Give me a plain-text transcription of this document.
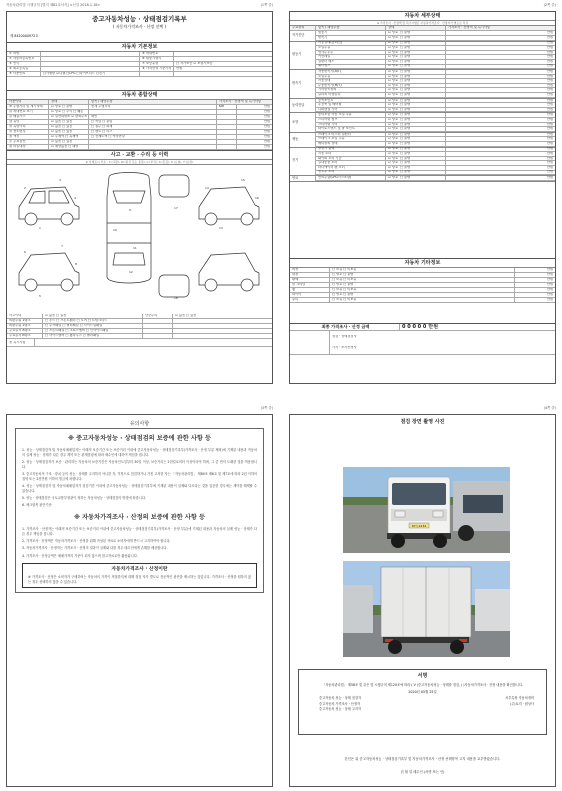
자동차관리법 시행규칙 [별지 제82호서식] <신설 2018.1.18>	(1쪽 중)
중고자동차성능 · 상태점검기록부
( 자동차가격조사 · 산정 선택 )
제 8420000972호
자동차 기본정보
① 차명	⑤ 차대번호
② 자동차등록번호	⑥ 원동기형식
③ 연식	⑦ 보증유형	□ 자가보증 ☑ 보험사보증
④ 최초등록일	⑧ 가격산정 기준가격	만원
⑨ 사용연료	□가솔린 ☑디젤 □LPG □하이브리드 □전기
자동차 종합상태
사용이력	상태	항목 / 해당부품	가격조사 · 산정액 및 특기사항
⑩ 주행거리 및 계기상태	☑ 양호 □ 불량	현재 주행거리	Km	만원
⑪ 차대번호 표기	☑ 양호 □ 부식 □ 훼손	만원
⑫ 배출가스	☑ 일산화탄소 ☑ 탄화수소	매연	만원
⑬ 튜닝	☑ 없음 □ 있음	□ 적법 □ 불법	만원
⑭ 특별이력	☑ 없음 □ 있음	□ 침수 □ 화재	만원
⑮ 용도변경	☑ 없음 □ 있음	□ 렌트 □ 리스	만원
⑯ 색상	☑ 무채색 □ 유채색	□ 전체도색 □ 색상변경	만원
⑰ 주요옵션	☑ 없음 □ 있음	만원
⑱ 리콜대상	☑ 해당없음 □ 해당	만원
사고 · 교환 · 수리 등 이력
※ 상태표시 부호 : X (교환), W (판금 또는 용접), C (부식), A (흠집), U (요철), T (손상)
1
2
3
4
5
6
7
8
9
10
11
12
13
14
15
16
17
18
사고이력	☑ 없음 □ 있음	단순수리	☑ 없음 □ 있음
외판부위 1랭크	□ 후드 □ 프론트휀더 □ 도어 □ 트렁크리드
외판부위 2랭크	□ 루프패널 □ 쿼터패널 □ 사이드실패널
주요골격 A랭크	□ 프론트패널 □ 크로스멤버 □ 인사이드패널
주요골격 B랭크	□ 사이드멤버 □ 휠하우스 □ 필러패널
⑲ 특기사항
(2쪽 중)
자동차 세부상태
※ 가격조사 · 산정액 및 특기사항은 자동차가격조사 · 산정자가 별도로 작성
주요장치	항목 / 해당부품	상태	가격조사 · 산정액 및 특기사항
자기진단
원동기	☑ 양호 □ 불량	만원
변속기	☑ 양호 □ 불량	만원
원동기
작동상태(공회전)	☑ 양호 □ 불량	만원
오일누유	☑ 양호 □ 불량	만원
냉각수누수	☑ 양호 □ 불량	만원
커먼레일	☑ 양호 □ 불량	만원
실린더 헤드	☑ 양호 □ 불량	만원
워터펌프	☑ 양호 □ 불량	만원
변속기
자동변속기(A/T)	☑ 양호 □ 불량	만원
오일누유	☑ 양호 □ 불량	만원
작동상태	☑ 양호 □ 불량	만원
수동변속기(M/T)	☑ 양호 □ 불량	만원
기어변속장치	☑ 양호 □ 불량	만원
클러치 어셈블리	☑ 양호 □ 불량	만원
동력전달
등속조인트	☑ 양호 □ 불량	만원
추진축 및 베어링	☑ 양호 □ 불량	만원
디퍼렌셜 기어	☑ 양호 □ 불량	만원
조향
동력조향 작동 오일 누유	☑ 양호 □ 불량	만원
스티어링 펌프	☑ 양호 □ 불량	만원
스티어링 기어	☑ 양호 □ 불량	만원
타이로드엔드 및 볼 조인트	☑ 양호 □ 불량	만원
제동
브레이크 마스터 실린더	☑ 양호 □ 불량	만원
브레이크 오일 누유	☑ 양호 □ 불량	만원
배력장치 상태	☑ 양호 □ 불량	만원
전기
발전기 출력	☑ 양호 □ 불량	만원
시동 모터	☑ 양호 □ 불량	만원
와이퍼 모터 기능	☑ 양호 □ 불량	만원
실내송풍 모터	☑ 양호 □ 불량	만원
라디에이터 팬 모터	☑ 양호 □ 불량	만원
윈도우 모터	☑ 양호 □ 불량	만원
연료	연료누출(LPG가스포함)	☑ 양호 □ 불량	만원
자동차 기타정보
외장	□ 보유 □ 미보유	만원
내장	□ 양호 □ 불량	만원
광택	□ 보유 □ 미보유	만원
룸 크리닝	□ 양호 □ 불량	만원
휠	□ 보유 □ 미보유	만원
타이어	□ 양호 □ 불량	만원
유리	□ 보유 □ 미보유	만원
최종 가격조사 · 산정 금액	0 0 0 0 0 만원
점검 · 상태점검자
가격 · 조사산정자
(3쪽 중)
유의사항
※ 중고자동차성능 · 상태점검의 보증에 관한 사항 등
1. 성능 · 상태점검자 및 자동차매매업자는 아래의 보증기간 또는 보증거리 이내에 중고자동차성능 · 상태점검기록부(가격조사 · 산정 부분 제외)에 기재된 내용과 자동차의 실제 성능 · 상태가 다른 경우 계약 또는 관계법령에 따라 매수인에 대하여 책임을 집니다.
2. 성능 · 상태점검자가 보증 · 관리하는 자동차의 보증기간은 자동차인도일부터 30일 이상, 보증거리는 2천킬로미터 이상이어야 하며, 그 중 먼저 도래한 것을 적용합니다.
3. 중고자동차의 구조 · 장치 등의 성능 · 상태를 고지하지 아니한 자, 거짓으로 점검하거나 거짓 고지한 자는 「자동차관리법」 제80조 제6호 및 제7호에 따라 2년 이하의 징역 또는 2천만원 이하의 벌금에 처합니다.
4. 성능 · 상태점검자 및 자동차매매업자가 점검기간 이내에 중고자동차성능 · 상태점검기록부에 기재된 내용이 실제와 다르다는 것을 입증한 경우에는 계약을 해제할 수 있습니다.
5. 성능 · 상태점검은 국토교통부장관이 정하는 자동차성능 · 상태점검의 방법에 따릅니다.
6. 체크항목 판단기준
※ 자동차가격조사 · 산정의 보증에 관한 사항 등
1. 가격조사 · 산정자는 아래의 보증기간 또는 보증거리 이내에 중고자동차성능 · 상태점검기록부(가격조사 · 산정 부분)에 기재된 내용과 자동차의 실제 성능 · 상태가 다른 경우 책임을 집니다.
2. 가격조사 · 산정액은 자동차가격조사 · 산정을 위해 작성된 자료로 소비자에게 반드시 고지하여야 합니다.
3. 자동차가격조사 · 산정자는 가격조사 · 산정의 결과가 실제와 다를 경우 매수인에게 손해를 배상합니다.
4. 가격조사 · 산정금액은 매매가격의 기준이 되지 않으며 참고자료로만 활용됩니다.
자동차가격조사 · 산정이란
※ 가격조사 · 산정은 소비자가 구매하려는 자동차의 가격이 적절한지에 대해 점검 자가 별도로 전문적인 판단을 제시하는 것입니다. 가격조사 · 산정을 원하지 않는 경우 선택하지 않을 수 있습니다.
(4쪽 중)
점검 장면 촬영 사진
87누1234
서명
「자동차관리법」 제58조 및 같은 법 시행규칙 제120조에 따라 ( V )중고자동차성능 · 상태를 점검, ( )자동차가격조사 · 산정 내용을 확인합니다.
2020년 05월 25일
중고자동차 성능 · 상태 점검자	서부특장 자동차정비
중고자동차 가격조사 · 산정자	(주)토지 · 원상사
중고자동차 성능 · 상태 고지자
본인은 위 중고자동차성능 · 상태점검기록부 및 자동차가격조사 · 산정 선택항목 고지 내용을 교부받았습니다.
년 월 일 매수인 (서명 또는 인)
